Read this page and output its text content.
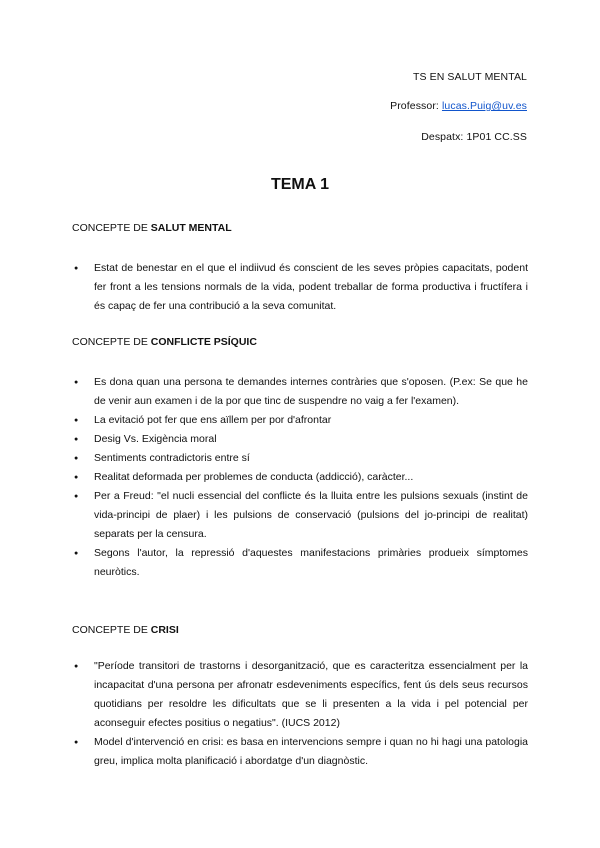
TS EN SALUT MENTAL
Professor: lucas.Puig@uv.es
Despatx: 1P01 CC.SS
TEMA 1
CONCEPTE DE SALUT MENTAL
● Estat de benestar en el que el indiivud és conscient de les seves pròpies capacitats, podent fer front a les tensions normals de la vida, podent treballar de forma productiva i fructífera i és capaç de fer una contribució a la seva comunitat.
CONCEPTE DE CONFLICTE PSÍQUIC
● Es dona quan una persona te demandes internes contràries que s'oposen. (P.ex: Se que he de venir aun examen i de la por que tinc de suspendre no vaig a fer l'examen).
● La evitació pot fer que ens aïllem per por d'afrontar
● Desig Vs. Exigència moral
● Sentiments contradictoris entre sí
● Realitat deformada per problemes de conducta (addicció), caràcter...
● Per a Freud: "el nucli essencial del conflicte és la lluita entre les pulsions sexuals (instint de vida-principi de plaer) i les pulsions de conservació (pulsions del jo-principi de realitat) separats per la censura.
● Segons l'autor, la repressió d'aquestes manifestacions primàries produeix símptomes neuròtics.
CONCEPTE DE CRISI
● "Període transitori de trastorns i desorganització, que es caracteritza essencialment per la incapacitat d'una persona per afronatr esdeveniments específics, fent ús dels seus recursos quotidians per resoldre les dificultats que se li presenten a la vida i pel potencial per aconseguir efectes positius o negatius". (IUCS 2012)
● Model d'intervenció en crisi: es basa en intervencions sempre i quan no hi hagi una patologia greu, implica molta planificació i abordatge d'un diagnòstic.
